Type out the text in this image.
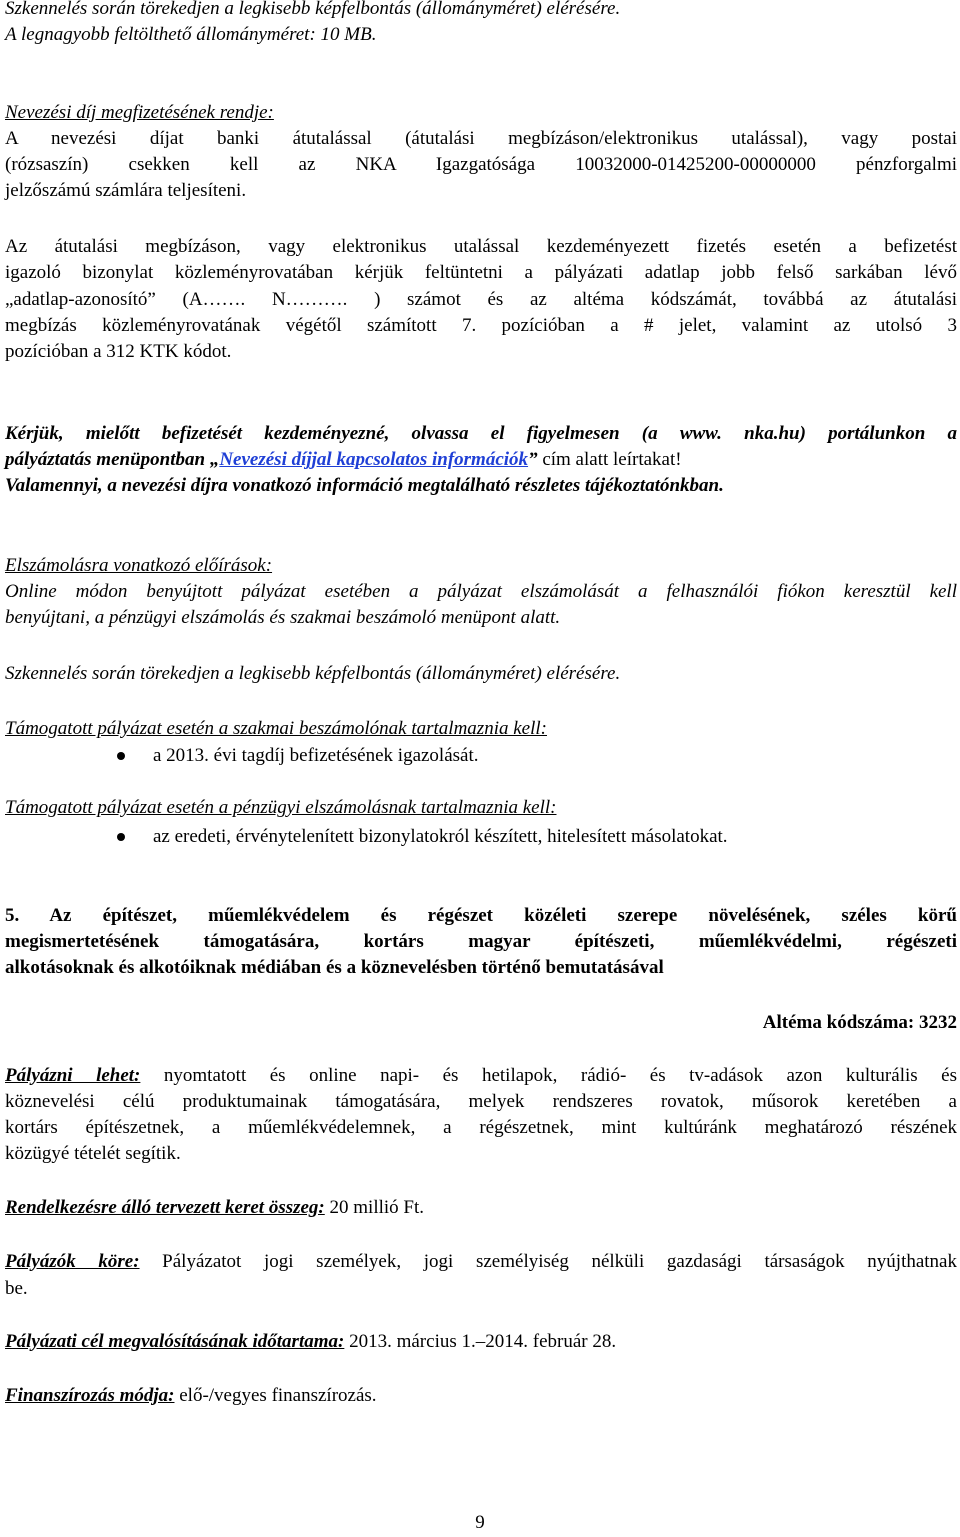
Szkennelés során törekedjen a legkisebb képfelbontás (állományméret) elérésére.
A legnagyobb feltölthető állományméret: 10 MB.
Nevezési díj megfizetésének rendje:
A nevezési díjat banki átutalással (átutalási megbízáson/elektronikus utalással), vagy postai
(rózsaszín) csekken kell az NKA Igazgatósága 10032000-01425200-00000000 pénzforgalmi
jelzőszámú számlára teljesíteni.
Az átutalási megbízáson, vagy elektronikus utalással kezdeményezett fizetés esetén a befizetést
igazoló bizonylat közleményrovatában kérjük feltüntetni a pályázati adatlap jobb felső sarkában lévő
„adatlap-azonosító” (A……. N………. ) számot és az altéma kódszámát, továbbá az átutalási
megbízás közleményrovatának végétől számított 7. pozícióban a # jelet, valamint az utolsó 3
pozícióban a 312 KTK kódot.
Kérjük, mielőtt befizetését kezdeményezné, olvassa el figyelmesen (a www. nka.hu) portálunkon a
pályáztatás menüpontban „Nevezési díjjal kapcsolatos információk” cím alatt leírtakat!
Valamennyi, a nevezési díjra vonatkozó információ megtalálható részletes tájékoztatónkban.
Elszámolásra vonatkozó előírások:
Online módon benyújtott pályázat esetében a pályázat elszámolását a felhasználói fiókon keresztül kell
benyújtani, a pénzügyi elszámolás és szakmai beszámoló menüpont alatt.
Szkennelés során törekedjen a legkisebb képfelbontás (állományméret) elérésére.
Támogatott pályázat esetén a szakmai beszámolónak tartalmaznia kell:
a 2013. évi tagdíj befizetésének igazolását.
Támogatott pályázat esetén a pénzügyi elszámolásnak tartalmaznia kell:
az eredeti, érvénytelenített bizonylatokról készített, hitelesített másolatokat.
5. Az építészet, műemlékvédelem és régészet közéleti szerepe növelésének, széles körű
megismertetésének támogatására, kortárs magyar építészeti, műemlékvédelmi, régészeti
alkotásoknak és alkotóiknak médiában és a köznevelésben történő bemutatásával
Altéma kódszáma: 3232
Pályázni lehet: nyomtatott és online napi- és hetilapok, rádió- és tv-adások azon kulturális és
köznevelési célú produktumainak támogatására, melyek rendszeres rovatok, műsorok keretében a
kortárs építészetnek, a műemlékvédelemnek, a régészetnek, mint kultúránk meghatározó részének
közügyé tételét segítik.
Rendelkezésre álló tervezett keret összeg: 20 millió Ft.
Pályázók köre: Pályázatot jogi személyek, jogi személyiség nélküli gazdasági társaságok nyújthatnak
be.
Pályázati cél megvalósításának időtartama: 2013. március 1.–2014. február 28.
Finanszírozás módja: elő-/vegyes finanszírozás.
9
